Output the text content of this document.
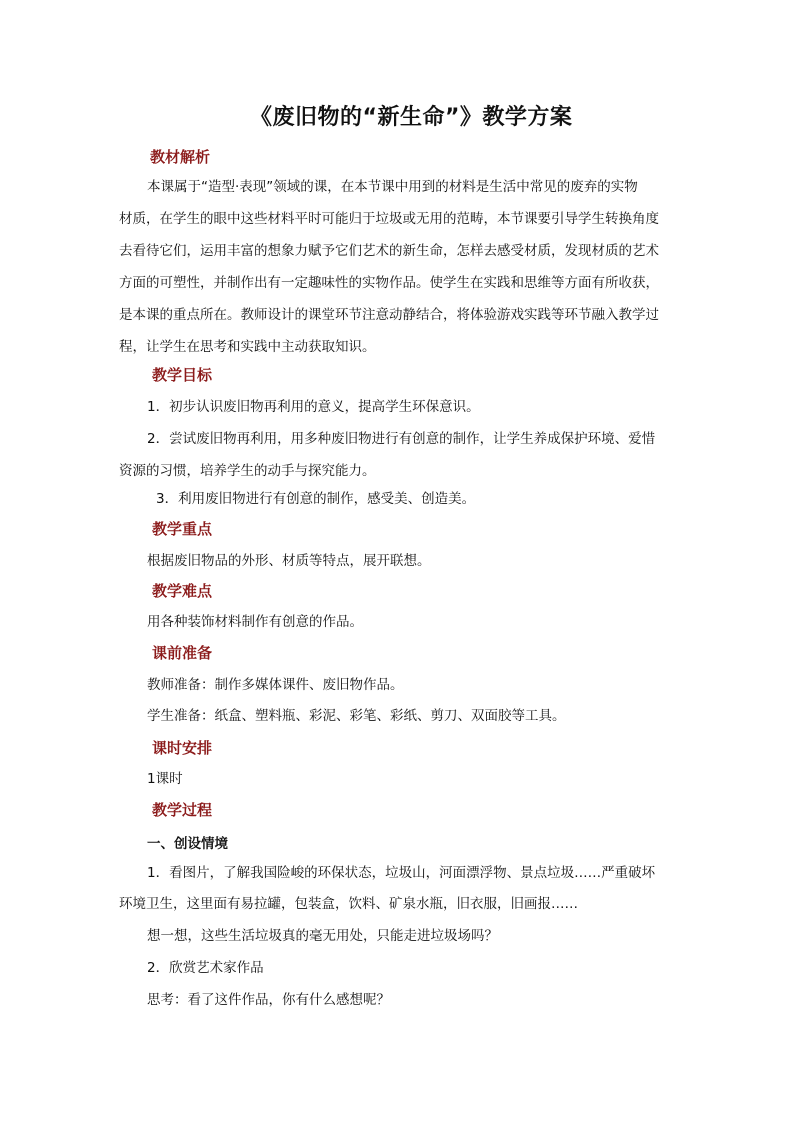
《废旧物的“新生命”》教学方案
教材解析
本课属于“造型·表现”领域的课，在本节课中用到的材料是生活中常见的废弃的实物
材质，在学生的眼中这些材料平时可能归于垃圾或无用的范畴，本节课要引导学生转换角度
去看待它们，运用丰富的想象力赋予它们艺术的新生命，怎样去感受材质，发现材质的艺术
方面的可塑性，并制作出有一定趣味性的实物作品。使学生在实践和思维等方面有所收获，
是本课的重点所在。教师设计的课堂环节注意动静结合，将体验游戏实践等环节融入教学过
程，让学生在思考和实践中主动获取知识。
教学目标
1．初步认识废旧物再利用的意义，提高学生环保意识。
2．尝试废旧物再利用，用多种废旧物进行有创意的制作，让学生养成保护环境、爱惜
资源的习惯，培养学生的动手与探究能力。
3．利用废旧物进行有创意的制作，感受美、创造美。
教学重点
根据废旧物品的外形、材质等特点，展开联想。
教学难点
用各种装饰材料制作有创意的作品。
课前准备
教师准备：制作多媒体课件、废旧物作品。
学生准备：纸盒、塑料瓶、彩泥、彩笔、彩纸、剪刀、双面胶等工具。
课时安排
1课时
教学过程
一、创设情境
1．看图片，了解我国险峻的环保状态，垃圾山，河面漂浮物、景点垃圾……严重破坏
环境卫生，这里面有易拉罐，包装盒，饮料、矿泉水瓶，旧衣服，旧画报……
想一想，这些生活垃圾真的毫无用处，只能走进垃圾场吗？
2．欣赏艺术家作品
思考：看了这件作品，你有什么感想呢？
